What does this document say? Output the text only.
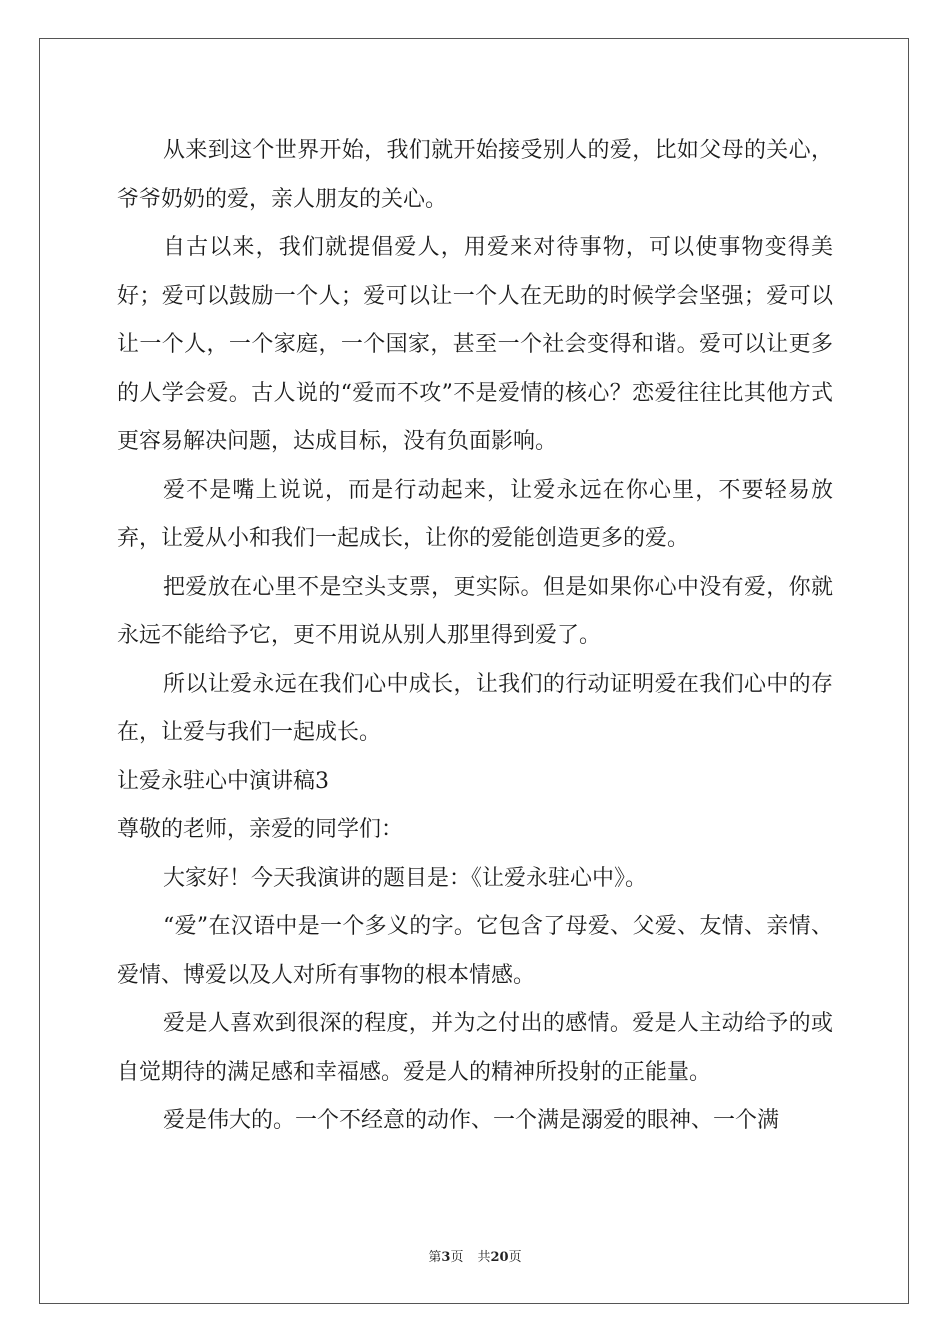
从来到这个世界开始，我们就开始接受别人的爱，比如父母的关心，爷爷奶奶的爱，亲人朋友的关心。

自古以来，我们就提倡爱人，用爱来对待事物，可以使事物变得美好；爱可以鼓励一个人；爱可以让一个人在无助的时候学会坚强；爱可以让一个人，一个家庭，一个国家，甚至一个社会变得和谐。爱可以让更多的人学会爱。古人说的“爱而不攻”不是爱情的核心？恋爱往往比其他方式更容易解决问题，达成目标，没有负面影响。

爱不是嘴上说说，而是行动起来，让爱永远在你心里，不要轻易放弃，让爱从小和我们一起成长，让你的爱能创造更多的爱。

把爱放在心里不是空头支票，更实际。但是如果你心中没有爱，你就永远不能给予它，更不用说从别人那里得到爱了。

所以让爱永远在我们心中成长，让我们的行动证明爱在我们心中的存在，让爱与我们一起成长。

让爱永驻心中演讲稿3

尊敬的老师，亲爱的同学们：

大家好！今天我演讲的题目是：《让爱永驻心中》。

“爱”在汉语中是一个多义的字。它包含了母爱、父爱、友情、亲情、爱情、博爱以及人对所有事物的根本情感。

爱是人喜欢到很深的程度，并为之付出的感情。爱是人主动给予的或自觉期待的满足感和幸福感。爱是人的精神所投射的正能量。

爱是伟大的。一个不经意的动作、一个满是溺爱的眼神、一个满

第3页 共20页
